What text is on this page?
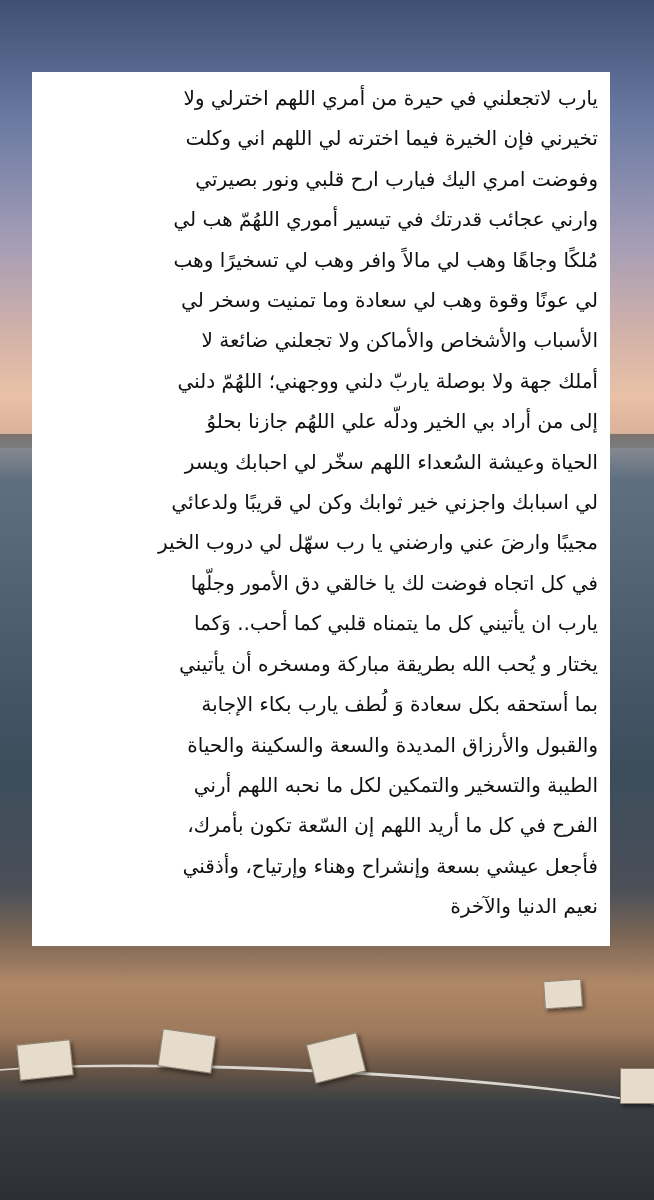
يارب لاتجعلني في حيرة من أمري اللهم اخترلي ولا
تخيرني فإن الخيرة فيما اخترته لي اللهم اني وكلت
وفوضت امري اليك فيارب ارح قلبي ونور بصيرتي
وارني عجائب قدرتك في تيسير أموري اللهُمّ هب لي
مُلكًا وجاهًا وهب لي مالاً وافر وهب لي تسخيرًا وهب
لي عونًا وقوة وهب لي سعادة وما تمنيت وسخر لي
الأسباب والأشخاص والأماكن ولا تجعلني ضائعة لا
أملك جهة ولا بوصلة ياربّ دلني ووجهني؛ اللهُمّ دلني
إلى من أراد بي الخير ودلّه علي اللهُم جازنا بحلوُ
الحياة وعيشة السُعداء اللهم سخّر لي احبابك ويسر
لي اسبابك واجزني خير ثوابك وكن لي قريبًا ولدعائي
مجيبًا وارضَ عني وارضني يا رب سهّل لي دروب الخير
في كل اتجاه فوضت لك يا خالقي دق الأمور وجلّها
يارب ان يأتيني كل ما يتمناه قلبي كما أحب.. وَكما
يختار و يُحب الله بطريقة مباركة ومسخره أن يأتيني
بما أستحقه بكل سعادة وَ لُطف يارب بكاء الإجابة
والقبول والأرزاق المديدة والسعة والسكينة والحياة
الطيبة والتسخير والتمكين لكل ما نحبه اللهم أرني
الفرح في كل ما أريد اللهم إن السّعة تكون بأمرك،
فأجعل عيشي بسعة وإنشراح وهناء وإرتياح، وأذقني
نعيم الدنيا والآخرة
